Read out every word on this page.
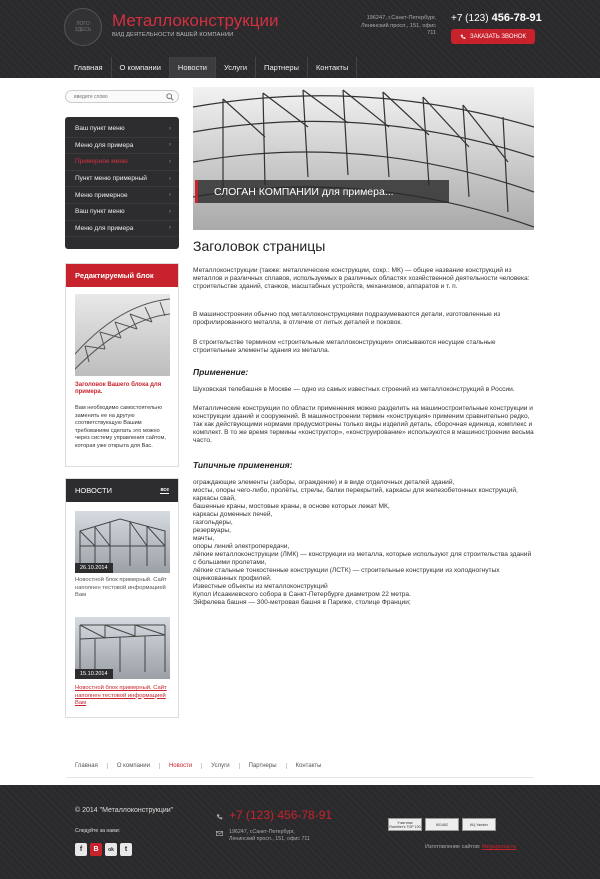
ЛОГО
ЗДЕСЬ Металлоконструкции
ВИД ДЕЯТЕЛЬНОСТИ ВАШЕЙ КОМПАНИИ
196247, г.Санкт-Петербург, Ленинский просп., 151, офис 711
+7 (123) 456-78-91
ЗАКАЗАТЬ ЗВОНОК
Главная	О компании	Новости	Услуги	Партнеры	Контакты
введите слово
Ваш пункт меню	›
Меню для примера	›
Примерное меню	›
Пункт меню примерный	›
Меню примерное	›
Ваш пункт меню	›
Меню для примера	›
Редактируемый блок
Заголовок Вашего блока для примера.
Вам необходимо самостоятельно заменить ее на другую соответствующую Вашим требованиям сделать это можно через систему управления сайтом, которая уже открыта для Вас.
НОВОСТИ	все
26.10.2014
Новостной блок примерный. Сайт наполнен тестовой информацией Вам
15.10.2014
Новостной блок примерный. Сайт наполнен тестовой информацией Вам
СЛОГАН КОМПАНИИ для примера...
Заголовок страницы
Металлоконструкции (также: металлические конструкции, сокр.: МК) — общее название конструкций из металлов и различных сплавов, используемых в различных областях хозяйственной деятельности человека: строительстве зданий, станков, масштабных устройств, механизмов, аппаратов и т. п.
В машиностроении обычно под металлоконструкциями подразумеваются детали, изготовленные из профилированного металла, в отличие от литых деталей и поковок.
В строительстве термином «строительные металлоконструкции» описываются несущие стальные строительные элементы здания из металла.
Применение:
Шуховская телебашня в Москве — одно из самых известных строений из металлоконструкций в России.
Металлические конструкции по области применения можно разделить на машиностроительные конструкции и конструкции зданий и сооружений. В машиностроении термин «конструкция» применим сравнительно редко, так как действующими нормами предусмотрены только виды изделий деталь, сборочная единица, комплекс и комплект. В то же время термины «конструктор», «конструирование» используются в машиностроении весьма часто.
Типичные применения:
ограждающие элементы (заборы, ограждение) и в виде отделочных деталей зданий,
мосты, опоры чего-либо, пролёты, стрелы, балки перекрытий, каркасы для железобетонных конструкций, каркасы свай,
башенные краны, мостовые краны, в основе которых лежат МК,
каркасы доменных печей,
газгольдеры,
резервуары,
мачты,
опоры линий электропередачи,
лёгкие металлоконструкции (ЛМК) — конструкции из металла, которые используют для строительства зданий с большими пролетами,
лёгкие стальные тонкостенные конструкции (ЛСТК) — строительные конструкции из холодногнутых оцинкованных профилей.
Известные объекты из металлоконструкций
Купол Исаакиевского собора в Санкт-Петербурге диаметром 22 метра.
Эйфелева башня — 300-метровая башня в Париже, столице Франции;
Главная	О компании	Новости	Услуги	Партнеры	Контакты
© 2014 "Металлоконструкции"
Следуйте за нами:
f	B	ok	t
+7 (123) 456-78-91
196247, г.Санкт-Петербург, Ленинский просп., 151, офис 711
Участник Rambler's TOP 100	601462	ИЦ Yandex
Изготовление сайтов: Megagroup.ru
